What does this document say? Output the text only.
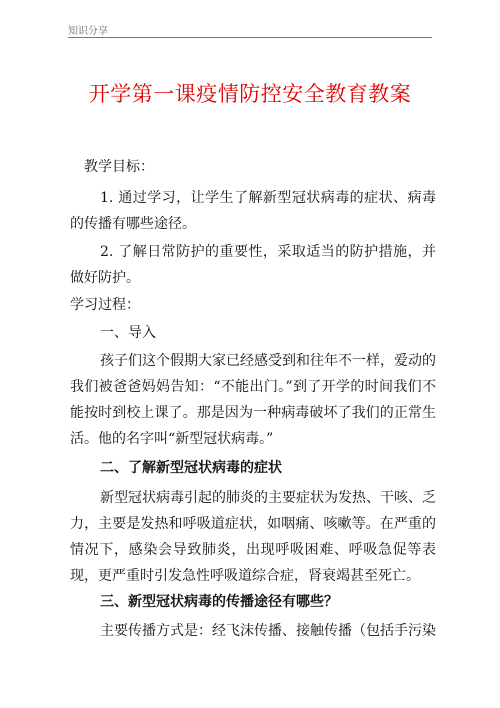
知识分享
开学第一课疫情防控安全教育教案
教学目标：
1. 通过学习，让学生了解新型冠状病毒的症状、病毒的传播有哪些途径。
2. 了解日常防护的重要性，采取适当的防护措施，并做好防护。
学习过程：
一、导入
孩子们这个假期大家已经感受到和往年不一样，爱动的我们被爸爸妈妈告知：“不能出门。”到了开学的时间我们不能按时到校上课了。那是因为一种病毒破坏了我们的正常生活。他的名字叫“新型冠状病毒。”
二、了解新型冠状病毒的症状
新型冠状病毒引起的肺炎的主要症状为发热、干咳、乏力，主要是发热和呼吸道症状，如咽痛、咳嗽等。在严重的情况下，感染会导致肺炎，出现呼吸困难、呼吸急促等表现，更严重时引发急性呼吸道综合症，肾衰竭甚至死亡。
三、新型冠状病毒的传播途径有哪些？
主要传播方式是：经飞沫传播、接触传播（包括手污染
